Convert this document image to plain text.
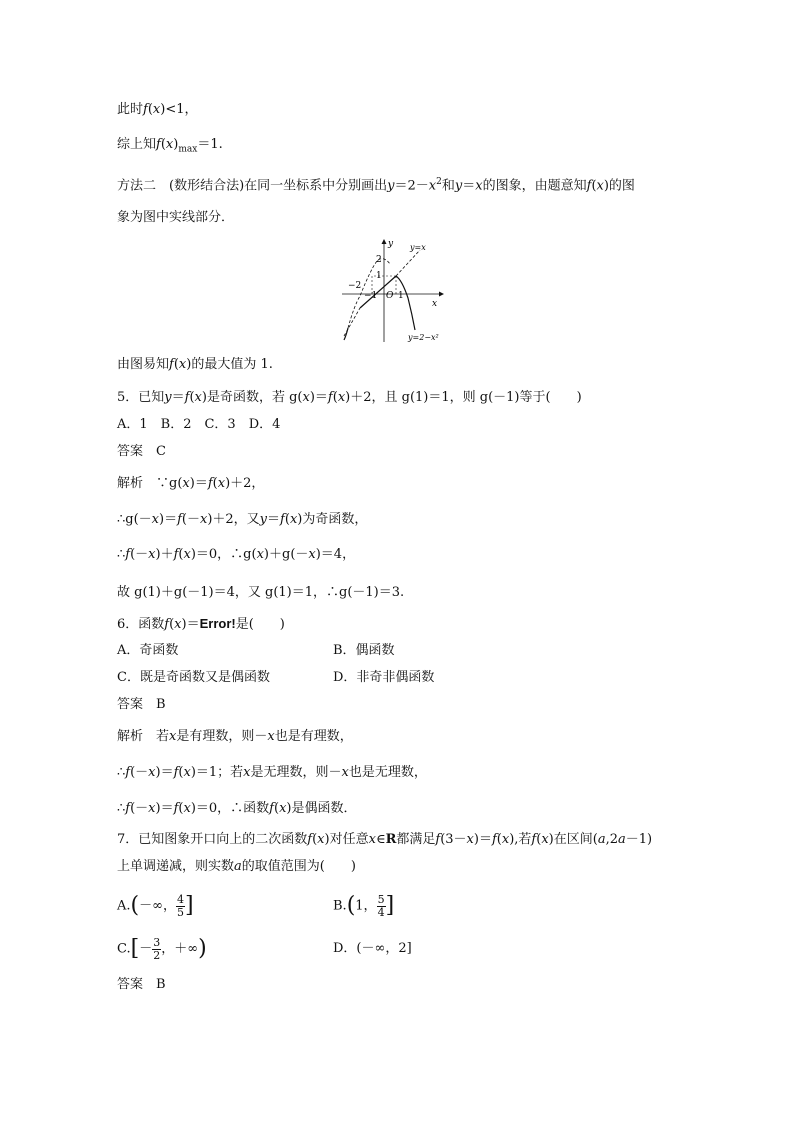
此时f(x)<1，
综上知$f(x)_{max}=1$.
方法二　(数形结合法)在同一坐标系中分别画出$y=2-x^2$和y＝x的图象，由题意知f(x)的图
象为图中实线部分．
y
x
y=x
y=2−x²
2
1
−2
−1 O 1
由图易知f(x)的最大值为 1.
5．已知y＝f(x)是奇函数，若 g(x)＝f(x)＋2，且 g(1)＝1，则 g(－1)等于(　　)
A．1　B．2　C．3　D．4
答案　C
解析　∵g(x)＝f(x)＋2，
∴g(－x)＝f(－x)＋2，又y＝f(x)为奇函数，
∴f(－x)＋f(x)＝0，∴g(x)＋g(－x)＝4，
故 g(1)＋g(－1)＝4，又 g(1)＝1，∴g(－1)＝3.
6．函数f(x)＝Error!是(　　)
A．奇函数	B．偶函数
C．既是奇函数又是偶函数	D．非奇非偶函数
答案　B
解析　若x是有理数，则－x也是有理数，
∴f(－x)＝f(x)＝1；若x是无理数，则－x也是无理数，
∴f(－x)＝f(x)＝0，∴函数f(x)是偶函数．
7．已知图象开口向上的二次函数f(x)对任意x∈R都满足f(3－x)＝f(x),若f(x)在区间(a,2a－1)
上单调递减，则实数a的取值范围为(　　)
A.(－∞， $\frac{4}{5}$ ]	B.(1， $\frac{5}{4}$ ]
$C.[- \frac{3}{2}$ ，＋∞)	D．(－∞，2]
答案　B
